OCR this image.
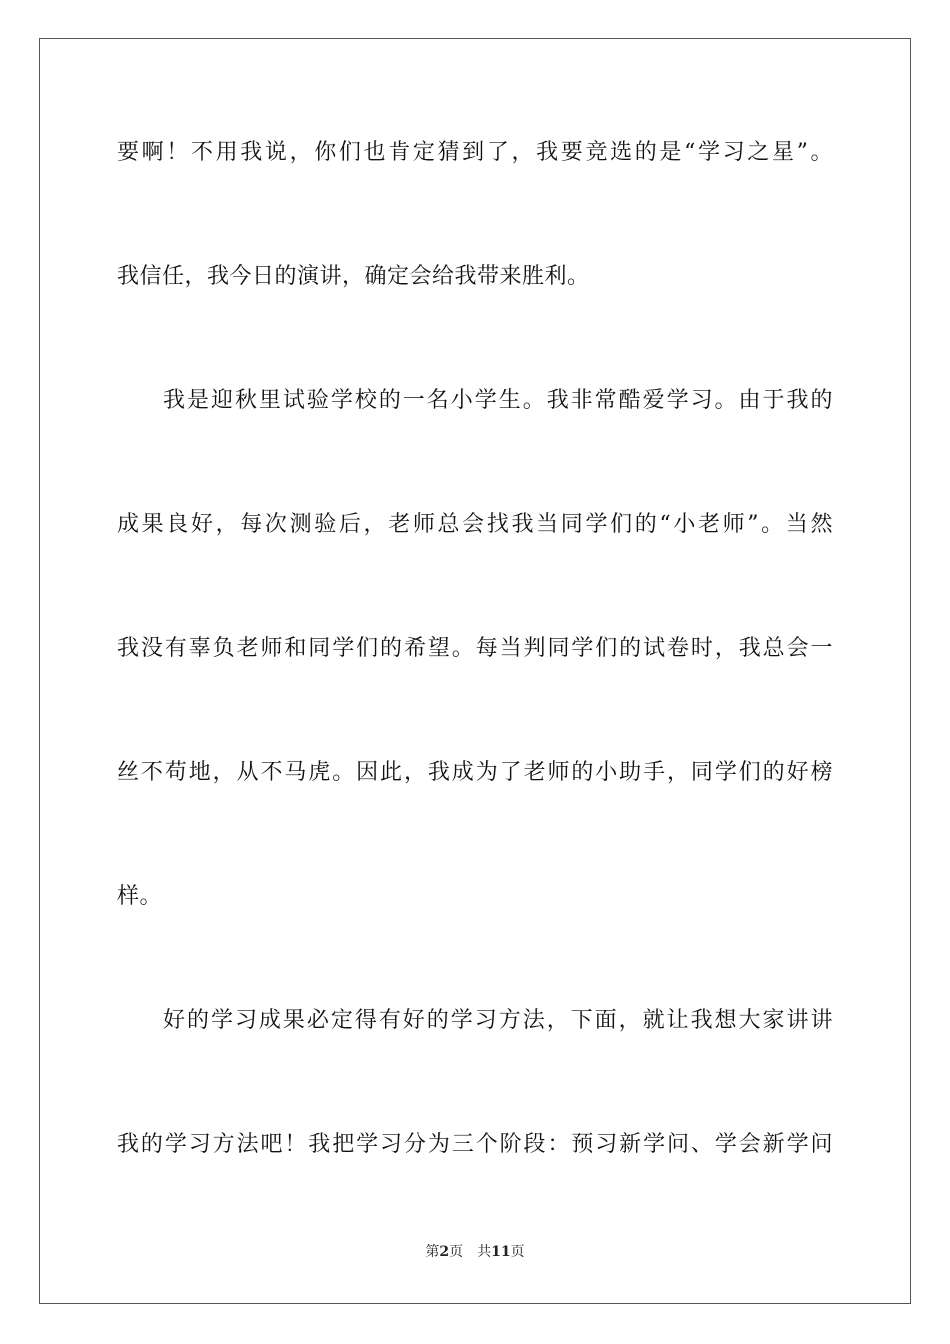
要啊！不用我说，你们也肯定猜到了，我要竞选的是“学习之星”。
我信任，我今日的演讲，确定会给我带来胜利。
我是迎秋里试验学校的一名小学生。我非常酷爱学习。由于我的
成果良好，每次测验后，老师总会找我当同学们的“小老师”。当然
我没有辜负老师和同学们的希望。每当判同学们的试卷时，我总会一
丝不苟地，从不马虎。因此，我成为了老师的小助手，同学们的好榜
样。
好的学习成果必定得有好的学习方法，下面，就让我想大家讲讲
我的学习方法吧！我把学习分为三个阶段：预习新学问、学会新学问
第2页 共11页
